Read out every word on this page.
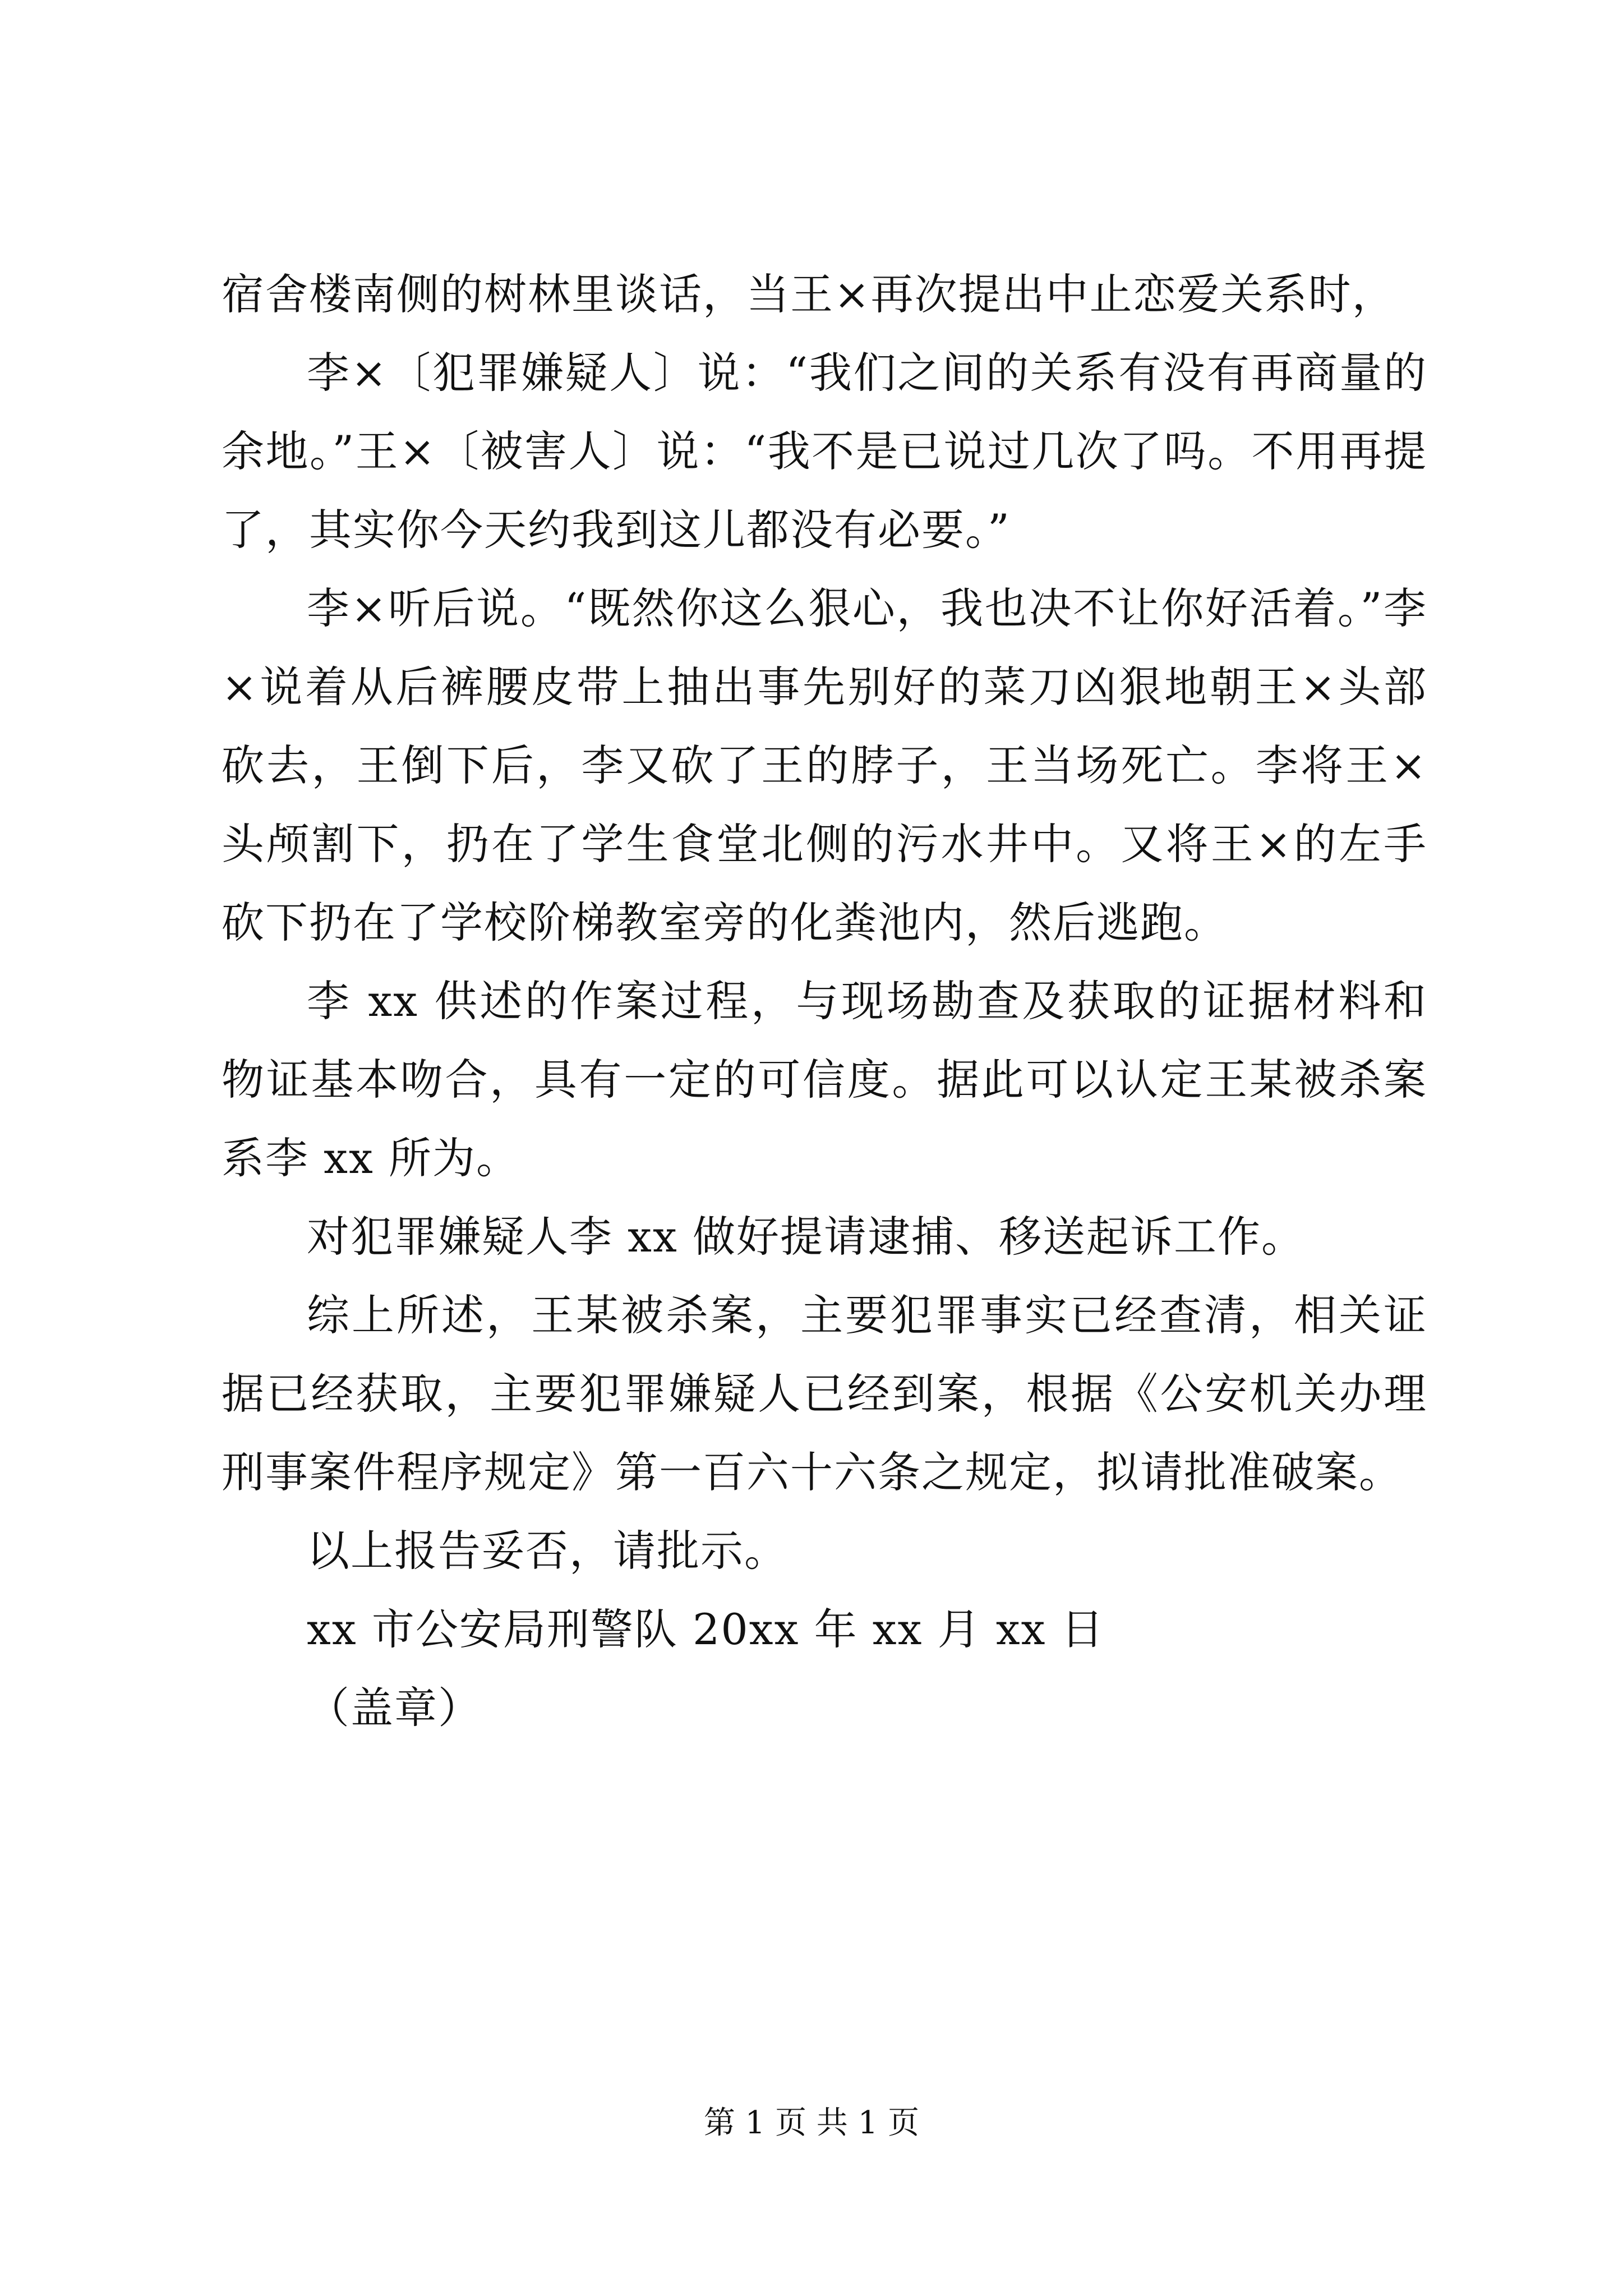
宿舍楼南侧的树林里谈话，当王×再次提出中止恋爱关系时，

李×〔犯罪嫌疑人〕说：“我们之间的关系有没有再商量的余地。”王×〔被害人〕说：“我不是已说过几次了吗。不用再提了，其实你今天约我到这儿都没有必要。”

李×听后说。“既然你这么狠心，我也决不让你好活着。”李×说着从后裤腰皮带上抽出事先别好的菜刀凶狠地朝王×头部砍去，王倒下后，李又砍了王的脖子，王当场死亡。李将王×头颅割下，扔在了学生食堂北侧的污水井中。又将王×的左手砍下扔在了学校阶梯教室旁的化粪池内，然后逃跑。

李 xx 供述的作案过程，与现场勘查及获取的证据材料和物证基本吻合，具有一定的可信度。据此可以认定王某被杀案系李 xx 所为。

对犯罪嫌疑人李 xx 做好提请逮捕、移送起诉工作。

综上所述，王某被杀案，主要犯罪事实已经查清，相关证据已经获取，主要犯罪嫌疑人已经到案，根据《公安机关办理刑事案件程序规定》第一百六十六条之规定，拟请批准破案。

以上报告妥否，请批示。

xx 市公安局刑警队 20xx 年 xx 月 xx 日

（盖章）

第 1 页 共 1 页
